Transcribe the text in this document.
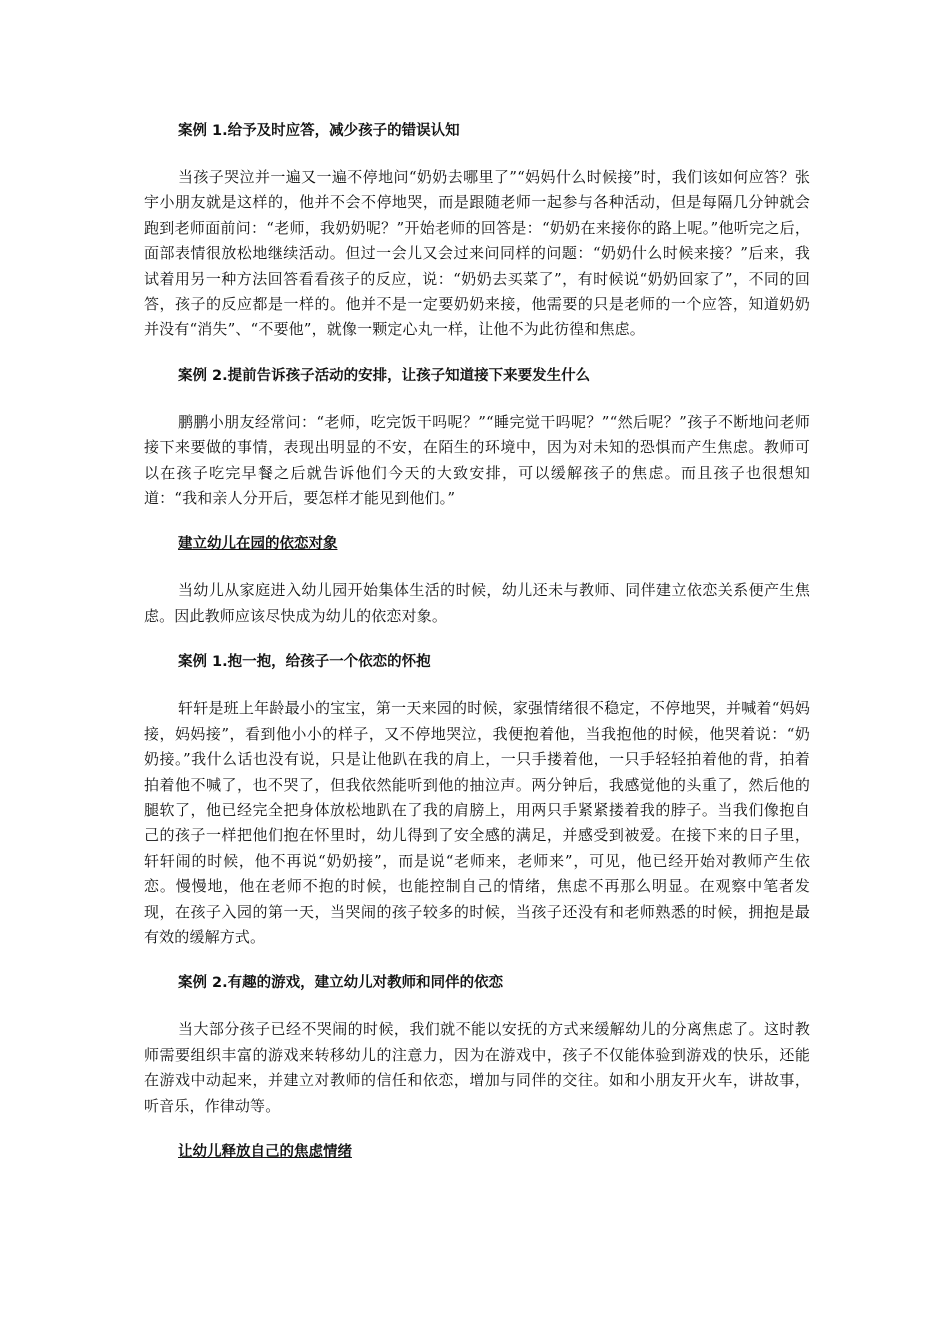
案例 1.给予及时应答，减少孩子的错误认知

当孩子哭泣并一遍又一遍不停地问“奶奶去哪里了”“妈妈什么时候接”时，我们该如何应答？张宇小朋友就是这样的，他并不会不停地哭，而是跟随老师一起参与各种活动，但是每隔几分钟就会跑到老师面前问：“老师，我奶奶呢？”开始老师的回答是：“奶奶在来接你的路上呢。”他听完之后，面部表情很放松地继续活动。但过一会儿又会过来问同样的问题：“奶奶什么时候来接？”后来，我试着用另一种方法回答看看孩子的反应，说：“奶奶去买菜了”，有时候说“奶奶回家了”，不同的回答，孩子的反应都是一样的。他并不是一定要奶奶来接，他需要的只是老师的一个应答，知道奶奶并没有“消失”、“不要他”，就像一颗定心丸一样，让他不为此彷徨和焦虑。

案例 2.提前告诉孩子活动的安排，让孩子知道接下来要发生什么

鹏鹏小朋友经常问：“老师，吃完饭干吗呢？”“睡完觉干吗呢？”“然后呢？”孩子不断地问老师接下来要做的事情，表现出明显的不安，在陌生的环境中，因为对未知的恐惧而产生焦虑。教师可以在孩子吃完早餐之后就告诉他们今天的大致安排，可以缓解孩子的焦虑。而且孩子也很想知道：“我和亲人分开后，要怎样才能见到他们。”

建立幼儿在园的依恋对象

当幼儿从家庭进入幼儿园开始集体生活的时候，幼儿还未与教师、同伴建立依恋关系便产生焦虑。因此教师应该尽快成为幼儿的依恋对象。

案例 1.抱一抱，给孩子一个依恋的怀抱

轩轩是班上年龄最小的宝宝，第一天来园的时候，家强情绪很不稳定，不停地哭，并喊着“妈妈接，妈妈接”，看到他小小的样子，又不停地哭泣，我便抱着他，当我抱他的时候，他哭着说：“奶奶接。”我什么话也没有说，只是让他趴在我的肩上，一只手搂着他，一只手轻轻拍着他的背，拍着拍着他不喊了，也不哭了，但我依然能听到他的抽泣声。两分钟后，我感觉他的头重了，然后他的腿软了，他已经完全把身体放松地趴在了我的肩膀上，用两只手紧紧搂着我的脖子。当我们像抱自己的孩子一样把他们抱在怀里时，幼儿得到了安全感的满足，并感受到被爱。在接下来的日子里，轩轩闹的时候，他不再说“奶奶接”，而是说“老师来，老师来”，可见，他已经开始对教师产生依恋。慢慢地，他在老师不抱的时候，也能控制自己的情绪，焦虑不再那么明显。在观察中笔者发现，在孩子入园的第一天，当哭闹的孩子较多的时候，当孩子还没有和老师熟悉的时候，拥抱是最有效的缓解方式。

案例 2.有趣的游戏，建立幼儿对教师和同伴的依恋

当大部分孩子已经不哭闹的时候，我们就不能以安抚的方式来缓解幼儿的分离焦虑了。这时教师需要组织丰富的游戏来转移幼儿的注意力，因为在游戏中，孩子不仅能体验到游戏的快乐，还能在游戏中动起来，并建立对教师的信任和依恋，增加与同伴的交往。如和小朋友开火车，讲故事，听音乐，作律动等。

让幼儿释放自己的焦虑情绪
